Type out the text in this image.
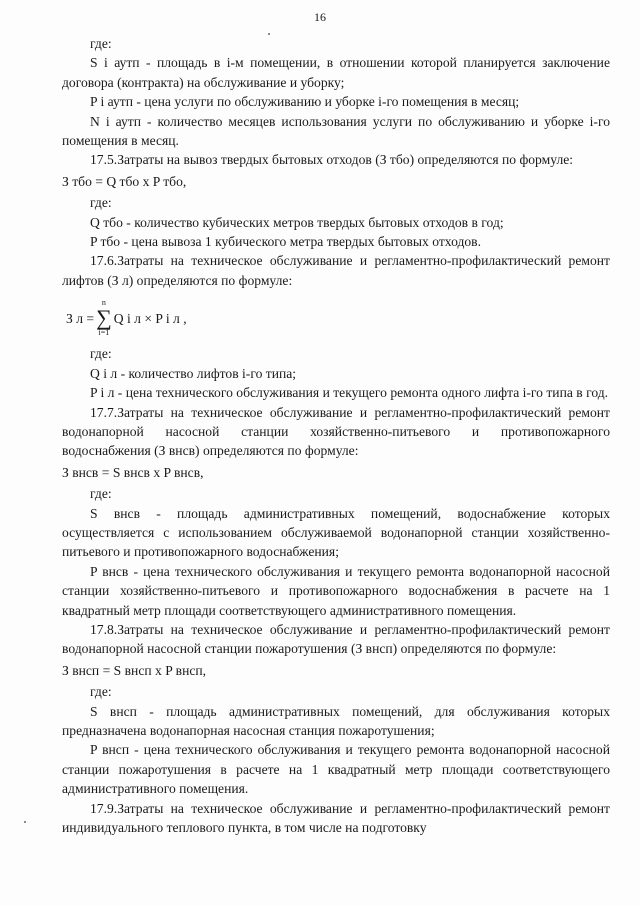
16

где:

S i аутп - площадь в i-м помещении, в отношении которой планируется заключение договора (контракта) на обслуживание и уборку;

P i аутп - цена услуги по обслуживанию и уборке i-го помещения в месяц;

N i аутп - количество месяцев использования услуги по обслуживанию и уборке i-го помещения в месяц.

17.5.Затраты на вывоз твердых бытовых отходов (З тбо) определяются по формуле:

З тбо = Q тбо х P тбо,

где:

Q тбо - количество кубических метров твердых бытовых отходов в год;

P тбо - цена вывоза 1 кубического метра твердых бытовых отходов.

17.6.Затраты на техническое обслуживание и регламентно-профилактический ремонт лифтов (З л) определяются по формуле:

З л =
n
∑
i=1
Q i л × P i л ,

где:

Q i л - количество лифтов i-го типа;

P i л - цена технического обслуживания и текущего ремонта одного лифта i-го типа в год.

17.7.Затраты на техническое обслуживание и регламентно-профилактический ремонт водонапорной насосной станции хозяйственно-питьевого и противопожарного водоснабжения (З внсв) определяются по формуле:

З внсв = S внсв х P внсв,

где:

S внсв - площадь административных помещений, водоснабжение которых осуществляется с использованием обслуживаемой водонапорной станции хозяйственно-питьевого и противопожарного водоснабжения;

P внсв - цена технического обслуживания и текущего ремонта водонапорной насосной станции хозяйственно-питьевого и противопожарного водоснабжения в расчете на 1 квадратный метр площади соответствующего административного помещения.

17.8.Затраты на техническое обслуживание и регламентно-профилактический ремонт водонапорной насосной станции пожаротушения (З внсп) определяются по формуле:

З внсп = S внсп х P внсп,

где:

S внсп - площадь административных помещений, для обслуживания которых предназначена водонапорная насосная станция пожаротушения;

P внсп - цена технического обслуживания и текущего ремонта водонапорной насосной станции пожаротушения в расчете на 1 квадратный метр площади соответствующего административного помещения.

17.9.Затраты на техническое обслуживание и регламентно-профилактический ремонт индивидуального теплового пункта, в том числе на подготовку
